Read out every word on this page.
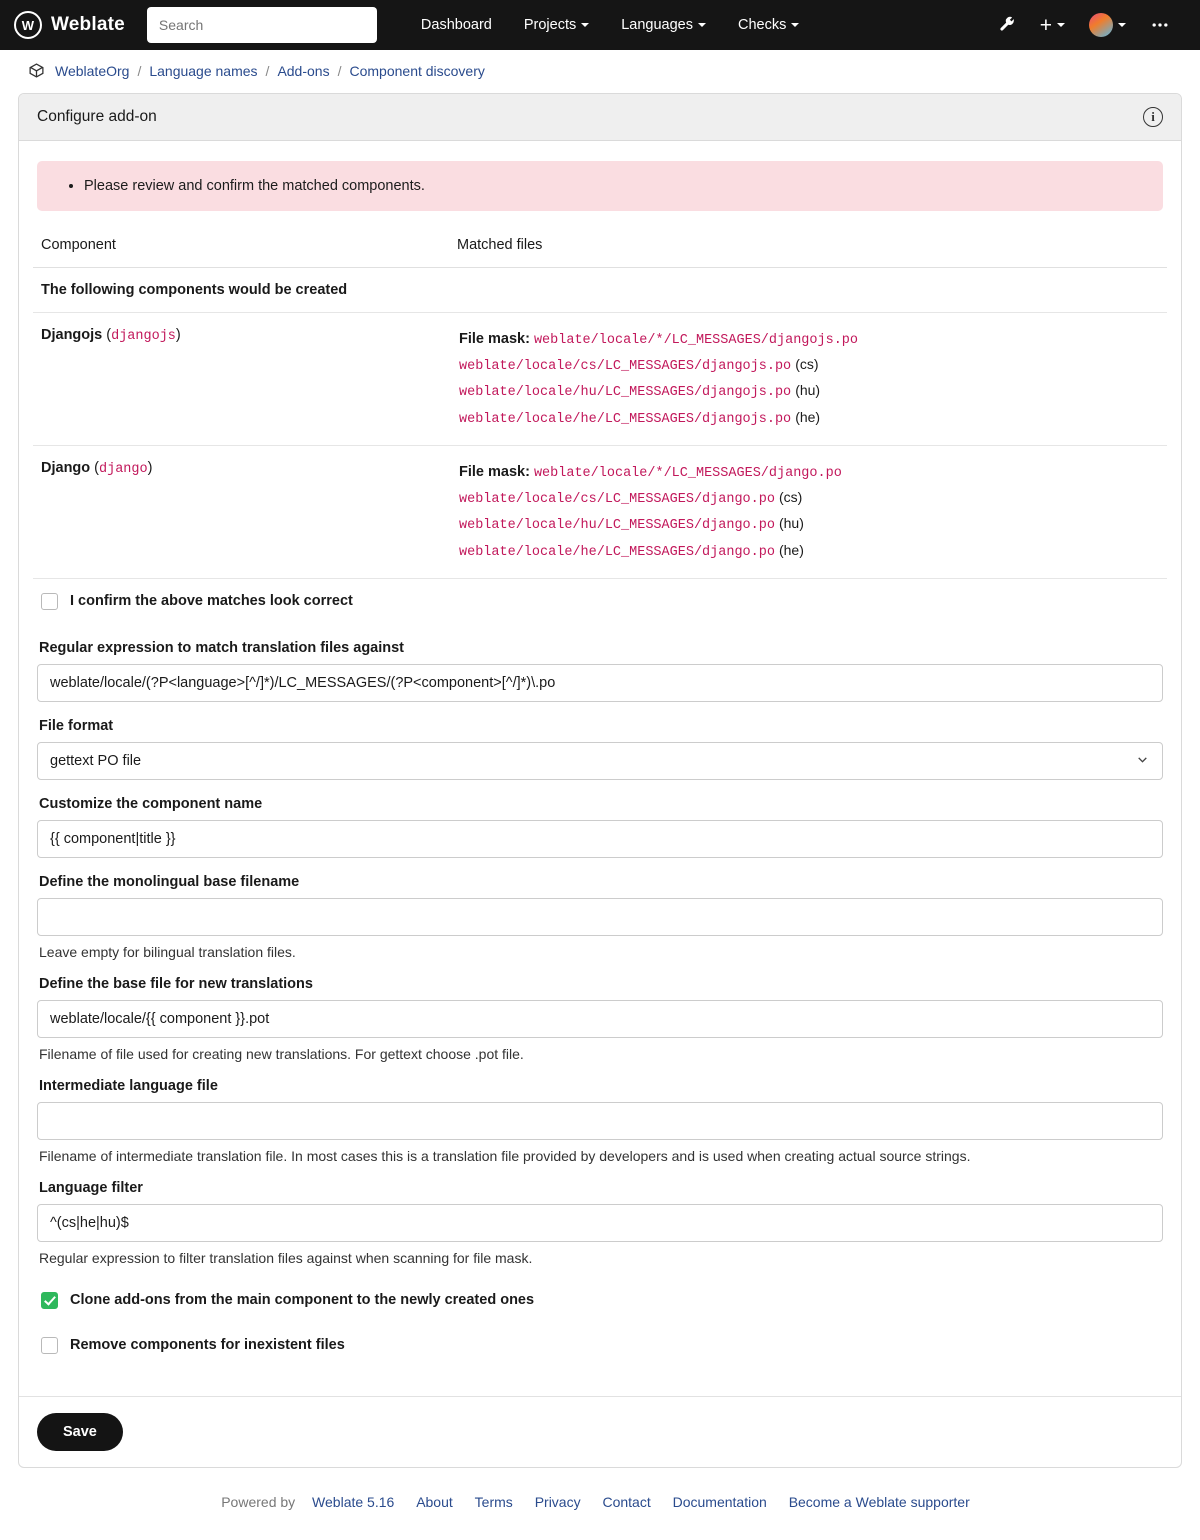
W Weblate
Search	Dashboard	Projects	Languages	Checks	+
WeblateOrg / Language names / Add-ons / Component discovery
Configure add-on	i
• Please review and confirm the matched components.
Component	Matched files
The following components would be created	
Djangojs (djangojs)	File mask: weblate/locale/*/LC_MESSAGES/djangojs.po
weblate/locale/cs/LC_MESSAGES/djangojs.po (cs)
weblate/locale/hu/LC_MESSAGES/djangojs.po (hu)
weblate/locale/he/LC_MESSAGES/djangojs.po (he)

Django (django)	File mask: weblate/locale/*/LC_MESSAGES/django.po
weblate/locale/cs/LC_MESSAGES/django.po (cs)
weblate/locale/hu/LC_MESSAGES/django.po (hu)
weblate/locale/he/LC_MESSAGES/django.po (he)
I confirm the above matches look correct
Regular expression to match translation files against
weblate/locale/(?P<language>[^/]*)/LC_MESSAGES/(?P<component>[^/]*)\.po
File format
gettext PO file
Customize the component name
{{ component|title }}
Define the monolingual base filename
Leave empty for bilingual translation files.
Define the base file for new translations
weblate/locale/{{ component }}.pot
Filename of file used for creating new translations. For gettext choose .pot file.
Intermediate language file
Filename of intermediate translation file. In most cases this is a translation file provided by developers and is used when creating actual source strings.
Language filter
^(cs|he|hu)$
Regular expression to filter translation files against when scanning for file mask.
Clone add-ons from the main component to the newly created ones
Remove components for inexistent files
Save
Powered by Weblate 5.16 About Terms Privacy Contact Documentation Become a Weblate supporter
